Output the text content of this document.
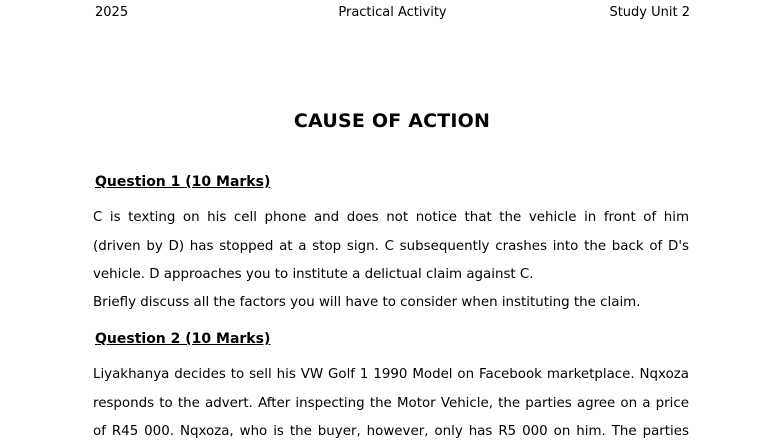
2025	Practical Activity	Study Unit 2
CAUSE OF ACTION
Question 1 (10 Marks)
C is texting on his cell phone and does not notice that the vehicle in front of him
(driven by D) has stopped at a stop sign. C subsequently crashes into the back of D's
vehicle. D approaches you to institute a delictual claim against C.
Briefly discuss all the factors you will have to consider when instituting the claim.
Question 2 (10 Marks)
Liyakhanya decides to sell his VW Golf 1 1990 Model on Facebook marketplace. Nqxoza
responds to the advert. After inspecting the Motor Vehicle, the parties agree on a price
of R45 000. Nqxoza, who is the buyer, however, only has R5 000 on him. The parties
